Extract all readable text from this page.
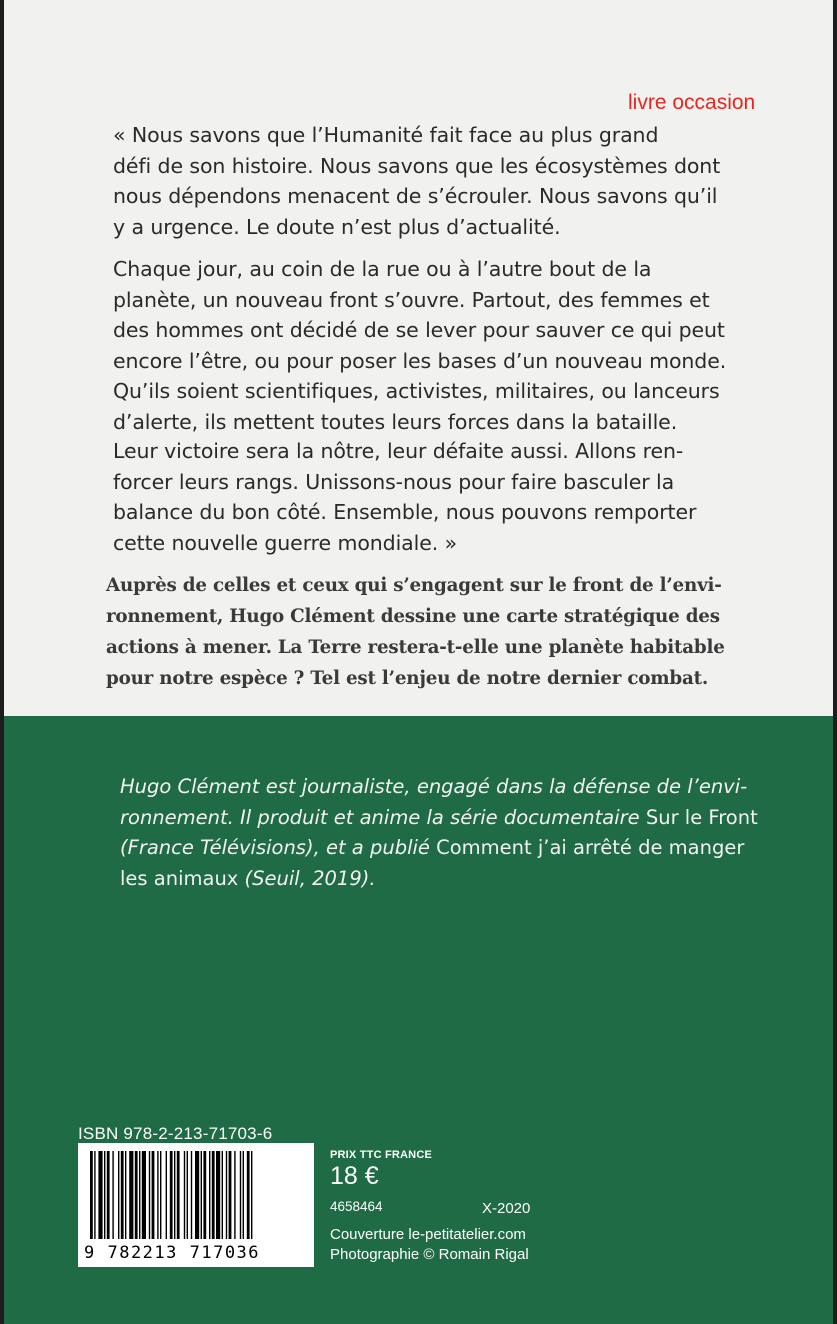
livre occasion
« Nous savons que l’Humanité fait face au plus grand
défi de son histoire. Nous savons que les écosystèmes dont
nous dépendons menacent de s’écrouler. Nous savons qu’il
y a urgence. Le doute n’est plus d’actualité.
Chaque jour, au coin de la rue ou à l’autre bout de la
planète, un nouveau front s’ouvre. Partout, des femmes et
des hommes ont décidé de se lever pour sauver ce qui peut
encore l’être, ou pour poser les bases d’un nouveau monde.
Qu’ils soient scientifiques, activistes, militaires, ou lanceurs
d’alerte, ils mettent toutes leurs forces dans la bataille.
Leur victoire sera la nôtre, leur défaite aussi. Allons ren-
forcer leurs rangs. Unissons-nous pour faire basculer la
balance du bon côté. Ensemble, nous pouvons remporter
cette nouvelle guerre mondiale. »
Auprès de celles et ceux qui s’engagent sur le front de l’envi-
ronnement, Hugo Clément dessine une carte stratégique des
actions à mener. La Terre restera-t-elle une planète habitable
pour notre espèce ? Tel est l’enjeu de notre dernier combat.
Hugo Clément est journaliste, engagé dans la défense de l’envi-
ronnement. Il produit et anime la série documentaire Sur le Front
(France Télévisions), et a publié Comment j’ai arrêté de manger
les animaux (Seuil, 2019).
ISBN 978-2-213-71703-6
9 782213 717036
PRIX TTC FRANCE
18 €
4658464	X-2020
Couverture le-petitatelier.com
Photographie © Romain Rigal
